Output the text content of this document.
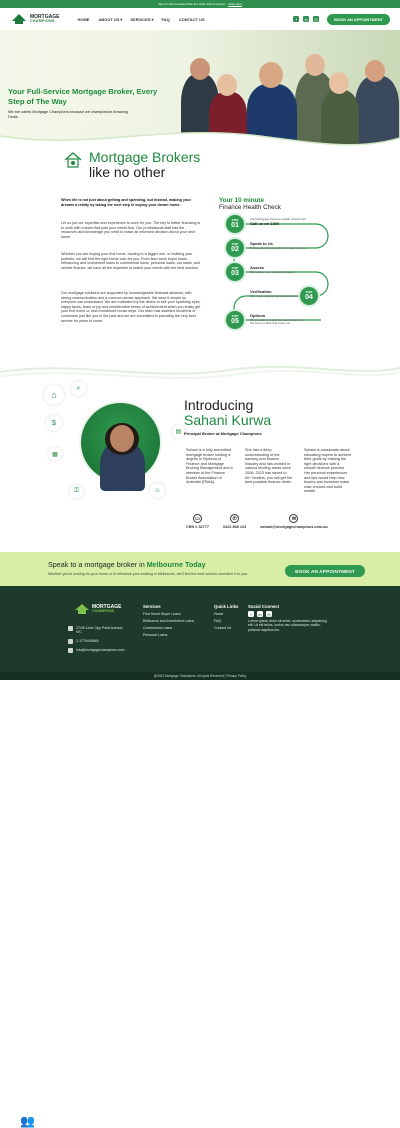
Tap into the Increased We Are Chat with an Expert Click Here
MORTGAGE
CHAMPIONS	HOME ABOUT US ▾ SERVICES ▾ FAQ CONTACT US	f	in	◎	BOOK AN APPOINTMENT
Your Full-Service Mortgage Broker, Every Step of The Way

We are called Mortgage Champions because we championize Amazing Deals.

Mortgage Brokers
like no other
When life is not just about getting and spending, but instead, making your dreams a reality by taking the next step in buying your dream home.
Let us put our expertise and experience to work for you. The key to better financing is to work with a team that puts your needs first. Our professional staff has the resources and knowledge you need to make an informed decision about your next home.
Whether you are buying your first home, moving to a bigger one, or building your portfolio, we will find the right home loan for you. From first home buyer loans, refinancing and investment loans to commercial loans, personal loans, car loans, and vehicle finance, we have all the expertise to match your needs with the best solution.
Our mortgage solutions are supported by knowledgeable financial advisors, with strong communication and a common-sense approach. We keep it simple so everyone can understand. We are motivated by the desire to see your sparkling eyes, happy faces, tears of joy and unbelievable sense of achievement when you finally get your first home or new investment house keys. Our team has assisted hundreds of customers just like you in the past and we are committed to providing the very best service for years to come.
Your 10 minute
Finance Health Check
STEP
01
Visit Mortgage Finance Health Check Call
Call us on 1300
STEP
02
Speak to Us
Tell us about your goals and requirements
STEP
03
Assess
We assess your financial situation
STEP
04
Verification
We obtain supporting documentation
STEP
05
Options
We provide you with the best lender and the loan product that suits you
⌂
⌕
$
▤
▦
⚿	⌂
Introducing
Sahani Kurwa
Principal Broker at Mortgage Champions
Sahani is a fully accredited mortgage broker holding a degree in Diploma of Finance and Mortgage Broking Management and a member of the Finance Broker Association of Australia (FBAA).
She has a deep understanding of the banking and finance industry and has worked in various lending areas since 2006. 2023 has saved to 60+ lenders, you will get the best possible finance deals.
Sahani is passionate about educating buyers to achieve their goals by making the right decisions with a smooth finance process. Her personal experiences and tips would help new buyers and investors make wise choices and build wealth.
▭
CRN # 32777
✆
0422 868 123
✉
sahani@mortgagechampions.com.au
👥
Speak to a mortgage broker in Melbourne Today
Whether you're looking for your home or to refinance your existing in Melbourne, we'll find the best solution and tailor it to you.
BOOK AN APPOINTMENT
MORTGAGE
CHAMPIONS
17/45 Lime Opp Point Avenue, VIC
1-1776445645
info@mortgagechampions.com
Services
First Home Buyer Loans
Refinance and Investment Loans
Commercial Loans
Personal Loans
Quick Links
Home
FAQ
Contact Us
Social Connect
f	in	◎
Lorem ipsum dolor sit amet, consectetur adipiscing elit. Ut elit tellus, luctus nec ullamcorper mattis, pulvinar dapibus leo.
@2023 Mortgage Champions. All rights Reserved | Privacy Policy
